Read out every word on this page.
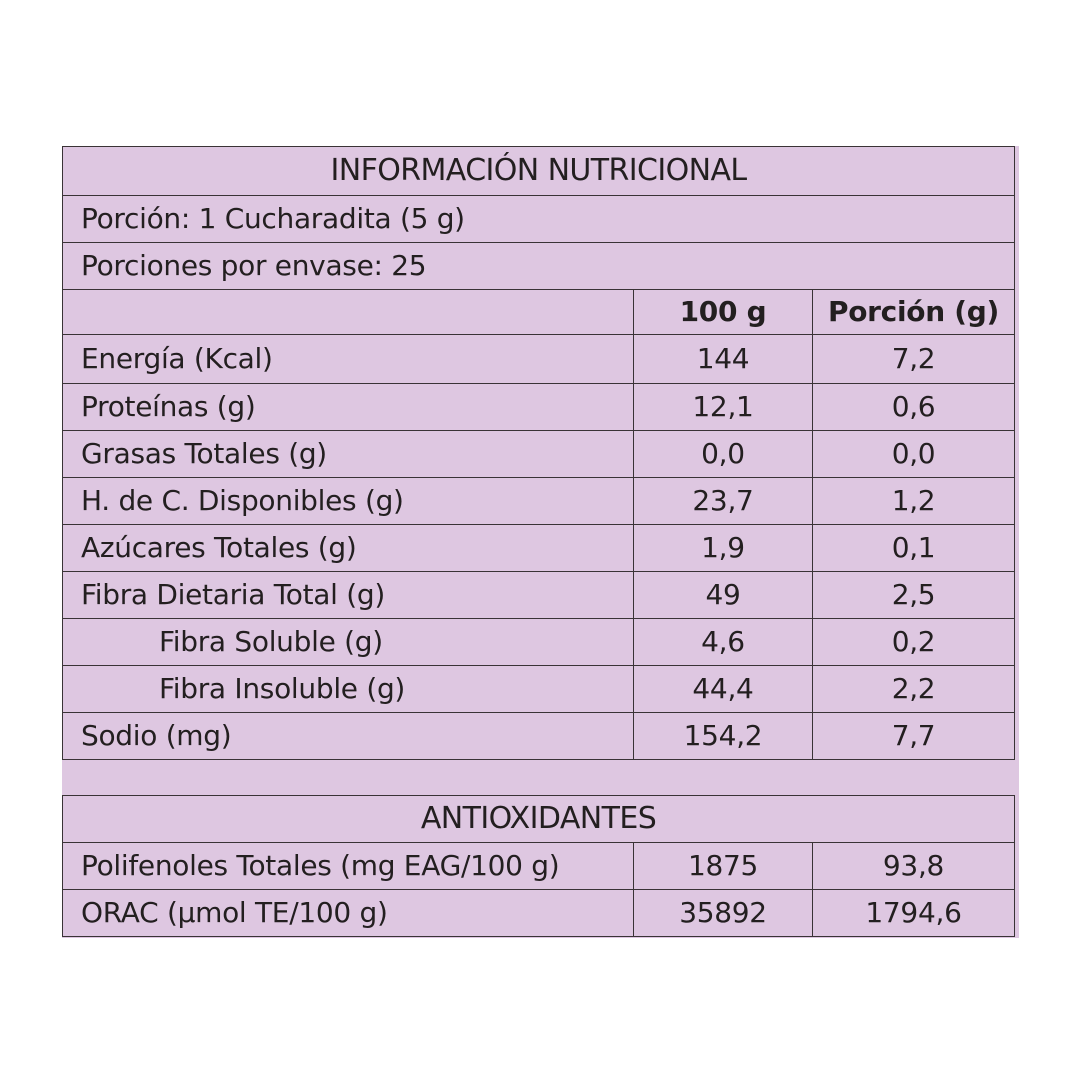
INFORMACIÓN NUTRICIONAL		
Porción: 1 Cucharadita (5 g)		
Porciones por envase: 25		
	100 g	Porción (g)
Energía (Kcal)	144	7,2
Proteínas (g)	12,1	0,6
Grasas Totales (g)	0,0	0,0
H. de C. Disponibles (g)	23,7	1,2
Azúcares Totales (g)	1,9	0,1
Fibra Dietaria Total (g)	49	2,5
Fibra Soluble (g)	4,6	0,2
Fibra Insoluble (g)	44,4	2,2
Sodio (mg)	154,2	7,7
ANTIOXIDANTES		
Polifenoles Totales (mg EAG/100 g)	1875	93,8
ORAC (µmol TE/100 g)	35892	1794,6
